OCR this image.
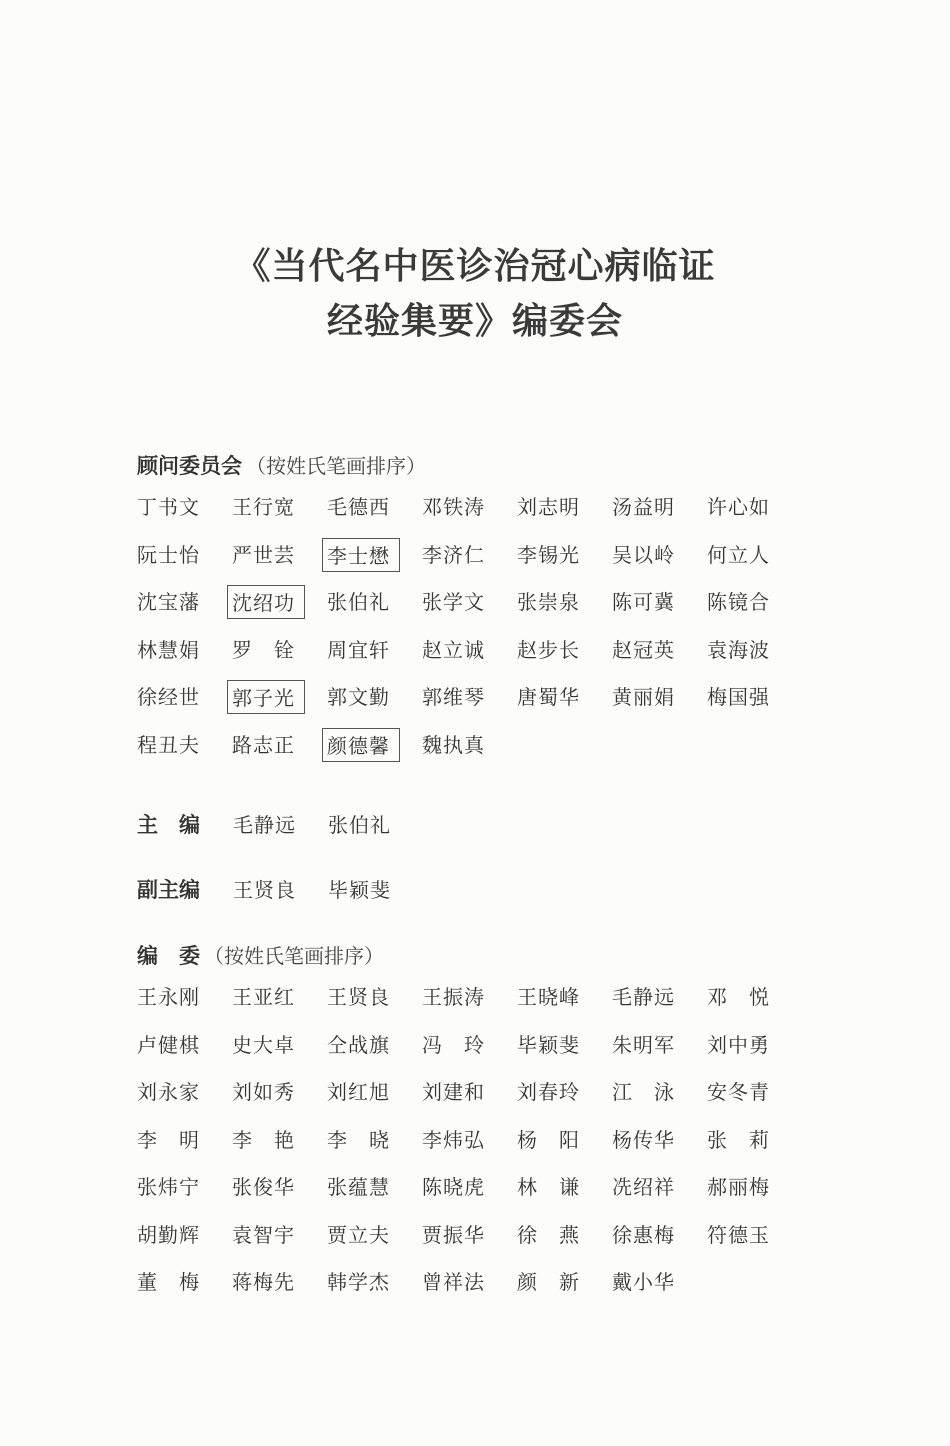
《当代名中医诊治冠心病临证
经验集要》编委会
顾问委员会 （按姓氏笔画排序）
丁书文	王行宽	毛德西	邓铁涛	刘志明	汤益明	许心如
阮士怡	严世芸	李士懋	李济仁	李锡光	吴以岭	何立人
沈宝藩	沈绍功	张伯礼	张学文	张崇泉	陈可冀	陈镜合
林慧娟	罗　铨	周宜轩	赵立诚	赵步长	赵冠英	袁海波
徐经世	郭子光	郭文勤	郭维琴	唐蜀华	黄丽娟	梅国强
程丑夫	路志正	颜德馨	魏执真
主 编 毛静远 张伯礼
副主编 王贤良 毕颖斐
编 委 （按姓氏笔画排序）
王永刚	王亚红	王贤良	王振涛	王晓峰	毛静远	邓　悦
卢健棋	史大卓	仝战旗	冯　玲	毕颖斐	朱明军	刘中勇
刘永家	刘如秀	刘红旭	刘建和	刘春玲	江　泳	安冬青
李　明	李　艳	李　晓	李炜弘	杨　阳	杨传华	张　莉
张炜宁	张俊华	张蕴慧	陈晓虎	林　谦	冼绍祥	郝丽梅
胡勤辉	袁智宇	贾立夫	贾振华	徐　燕	徐惠梅	符德玉
董　梅	蒋梅先	韩学杰	曾祥法	颜　新	戴小华
